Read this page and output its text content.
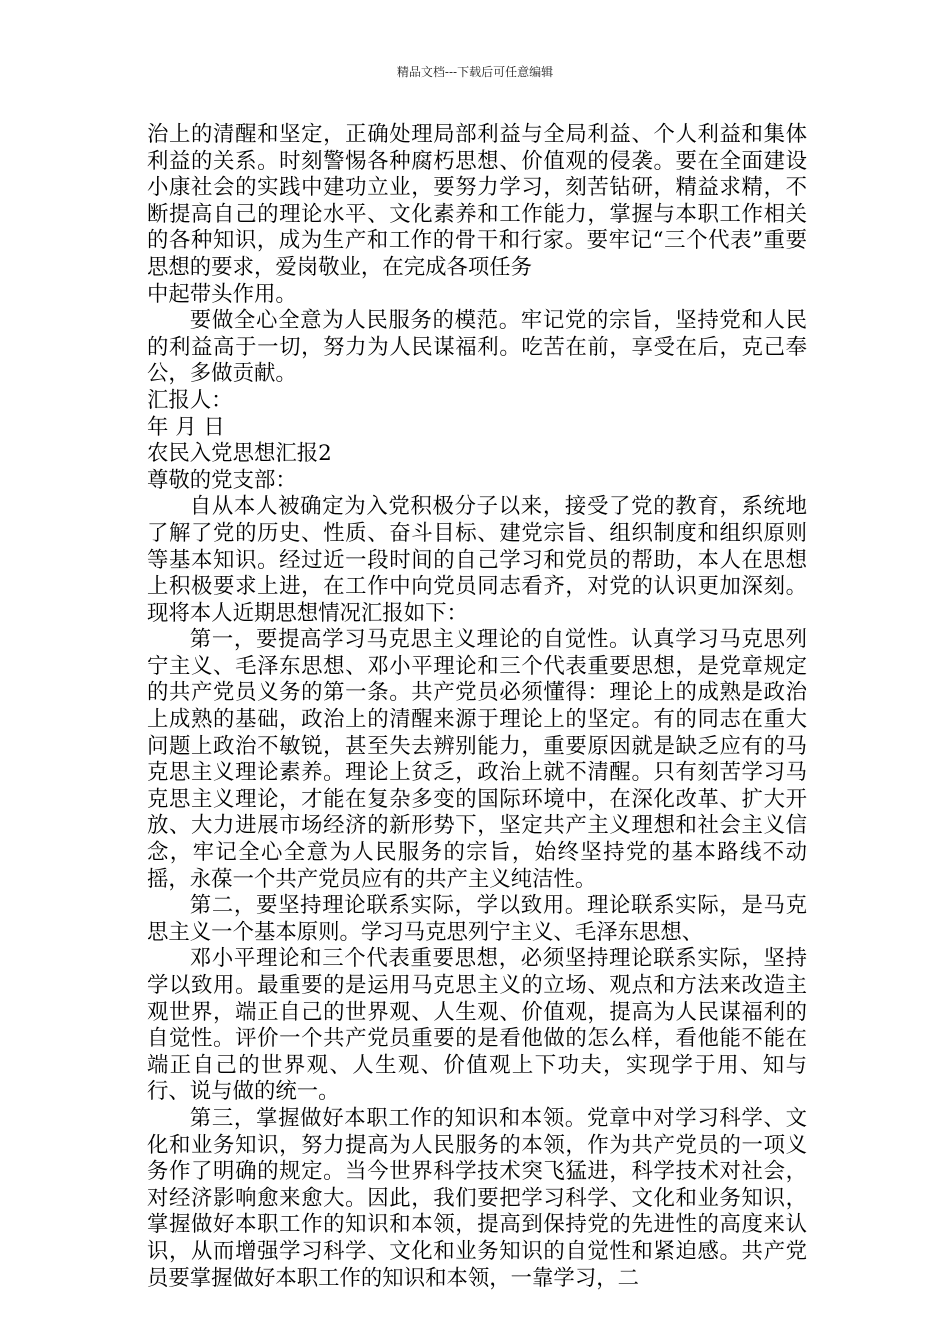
精品文档---下载后可任意编辑

治上的清醒和坚定，正确处理局部利益与全局利益、个人利益和集体利益的关系。时刻警惕各种腐朽思想、价值观的侵袭。要在全面建设小康社会的实践中建功立业，要努力学习，刻苦钻研，精益求精，不断提高自己的理论水平、文化素养和工作能力，掌握与本职工作相关的各种知识，成为生产和工作的骨干和行家。要牢记“三个代表”重要思想的要求，爱岗敬业，在完成各项任务

中起带头作用。

要做全心全意为人民服务的模范。牢记党的宗旨，坚持党和人民的利益高于一切，努力为人民谋福利。吃苦在前，享受在后，克己奉公，多做贡献。

汇报人：

年 月 日

农民入党思想汇报2

尊敬的党支部：

自从本人被确定为入党积极分子以来，接受了党的教育，系统地了解了党的历史、性质、奋斗目标、建党宗旨、组织制度和组织原则等基本知识。经过近一段时间的自己学习和党员的帮助，本人在思想上积极要求上进，在工作中向党员同志看齐，对党的认识更加深刻。现将本人近期思想情况汇报如下：

第一，要提高学习马克思主义理论的自觉性。认真学习马克思列宁主义、毛泽东思想、邓小平理论和三个代表重要思想，是党章规定的共产党员义务的第一条。共产党员必须懂得：理论上的成熟是政治上成熟的基础，政治上的清醒来源于理论上的坚定。有的同志在重大问题上政治不敏锐，甚至失去辨别能力，重要原因就是缺乏应有的马克思主义理论素养。理论上贫乏，政治上就不清醒。只有刻苦学习马克思主义理论，才能在复杂多变的国际环境中，在深化改革、扩大开放、大力进展市场经济的新形势下，坚定共产主义理想和社会主义信念，牢记全心全意为人民服务的宗旨，始终坚持党的基本路线不动摇，永葆一个共产党员应有的共产主义纯洁性。

第二，要坚持理论联系实际，学以致用。理论联系实际，是马克思主义一个基本原则。学习马克思列宁主义、毛泽东思想、

邓小平理论和三个代表重要思想，必须坚持理论联系实际，坚持学以致用。最重要的是运用马克思主义的立场、观点和方法来改造主观世界，端正自己的世界观、人生观、价值观，提高为人民谋福利的自觉性。评价一个共产党员重要的是看他做的怎么样，看他能不能在端正自己的世界观、人生观、价值观上下功夫，实现学于用、知与行、说与做的统一。

第三，掌握做好本职工作的知识和本领。党章中对学习科学、文化和业务知识，努力提高为人民服务的本领，作为共产党员的一项义务作了明确的规定。当今世界科学技术突飞猛进，科学技术对社会，对经济影响愈来愈大。因此，我们要把学习科学、文化和业务知识，掌握做好本职工作的知识和本领，提高到保持党的先进性的高度来认识，从而增强学习科学、文化和业务知识的自觉性和紧迫感。共产党员要掌握做好本职工作的知识和本领，一靠学习，二
